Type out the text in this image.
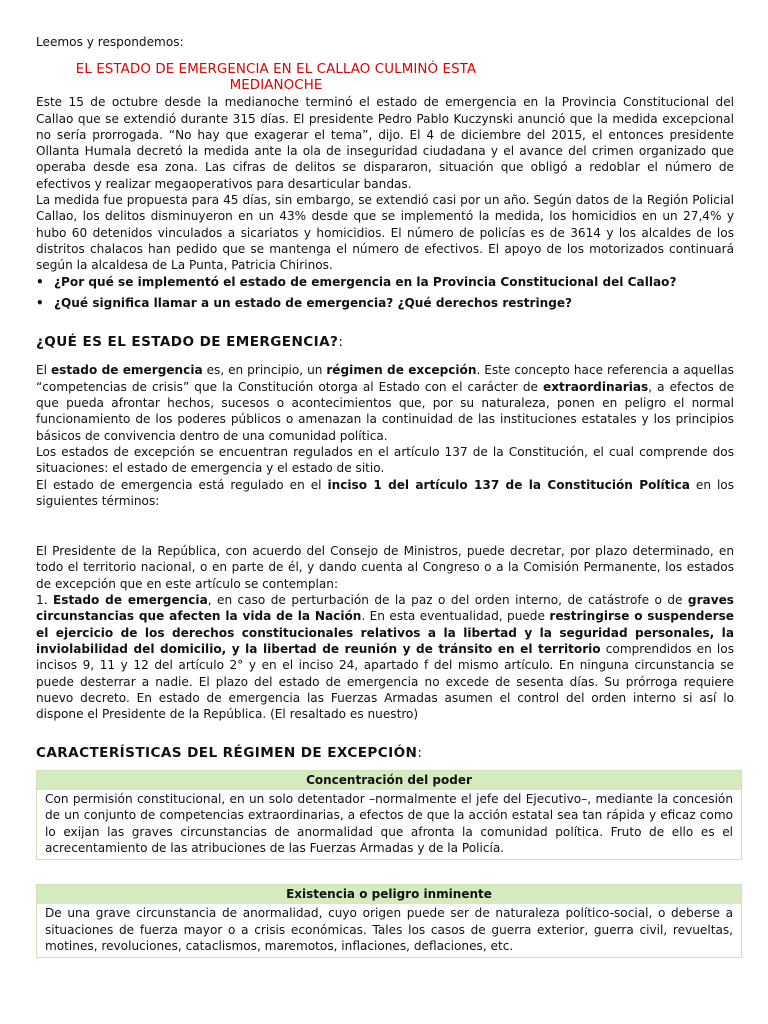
Leemos y respondemos:

EL ESTADO DE EMERGENCIA EN EL CALLAO CULMINÓ ESTA
MEDIANOCHE

Este 15 de octubre desde la medianoche terminó el estado de emergencia en la Provincia Constitucional del Callao que se extendió durante 315 días. El presidente Pedro Pablo Kuczynski anunció que la medida excepcional no sería prorrogada. “No hay que exagerar el tema”, dijo. El 4 de diciembre del 2015, el entonces presidente Ollanta Humala decretó la medida ante la ola de inseguridad ciudadana y el avance del crimen organizado que operaba desde esa zona. Las cifras de delitos se dispararon, situación que obligó a redoblar el número de efectivos y realizar megaoperativos para desarticular bandas.

La medida fue propuesta para 45 días, sin embargo, se extendió casi por un año. Según datos de la Región Policial Callao, los delitos disminuyeron en un 43% desde que se implementó la medida, los homicidios en un 27,4% y hubo 60 detenidos vinculados a sicariatos y homicidios. El número de policías es de 3614 y los alcaldes de los distritos chalacos han pedido que se mantenga el número de efectivos. El apoyo de los motorizados continuará según la alcaldesa de La Punta, Patricia Chirinos.

• ¿Por qué se implementó el estado de emergencia en la Provincia Constitucional del Callao?
• ¿Qué significa llamar a un estado de emergencia? ¿Qué derechos restringe?
¿QUÉ ES EL ESTADO DE EMERGENCIA?:

El estado de emergencia es, en principio, un régimen de excepción. Este concepto hace referencia a aquellas “competencias de crisis” que la Constitución otorga al Estado con el carácter de extraordinarias, a efectos de que pueda afrontar hechos, sucesos o acontecimientos que, por su naturaleza, ponen en peligro el normal funcionamiento de los poderes públicos o amenazan la continuidad de las instituciones estatales y los principios básicos de convivencia dentro de una comunidad política.

Los estados de excepción se encuentran regulados en el artículo 137 de la Constitución, el cual comprende dos situaciones: el estado de emergencia y el estado de sitio.

El estado de emergencia está regulado en el inciso 1 del artículo 137 de la Constitución Política en los siguientes términos:

El Presidente de la República, con acuerdo del Consejo de Ministros, puede decretar, por plazo determinado, en todo el territorio nacional, o en parte de él, y dando cuenta al Congreso o a la Comisión Permanente, los estados de excepción que en este artículo se contemplan:

1. Estado de emergencia, en caso de perturbación de la paz o del orden interno, de catástrofe o de graves circunstancias que afecten la vida de la Nación. En esta eventualidad, puede restringirse o suspenderse el ejercicio de los derechos constitucionales relativos a la libertad y la seguridad personales, la inviolabilidad del domicilio, y la libertad de reunión y de tránsito en el territorio comprendidos en los incisos 9, 11 y 12 del artículo 2° y en el inciso 24, apartado f del mismo artículo. En ninguna circunstancia se puede desterrar a nadie. El plazo del estado de emergencia no excede de sesenta días. Su prórroga requiere nuevo decreto. En estado de emergencia las Fuerzas Armadas asumen el control del orden interno si así lo dispone el Presidente de la República. (El resaltado es nuestro)

CARACTERÍSTICAS DEL RÉGIMEN DE EXCEPCIÓN:
Concentración del poder
Con permisión constitucional, en un solo detentador –normalmente el jefe del Ejecutivo–, mediante la concesión de un conjunto de competencias extraordinarias, a efectos de que la acción estatal sea tan rápida y eficaz como lo exijan las graves circunstancias de anormalidad que afronta la comunidad política. Fruto de ello es el acrecentamiento de las atribuciones de las Fuerzas Armadas y de la Policía.
Existencia o peligro inminente
De una grave circunstancia de anormalidad, cuyo origen puede ser de naturaleza político-social, o deberse a situaciones de fuerza mayor o a crisis económicas. Tales los casos de guerra exterior, guerra civil, revueltas, motines, revoluciones, cataclismos, maremotos, inflaciones, deflaciones, etc.
